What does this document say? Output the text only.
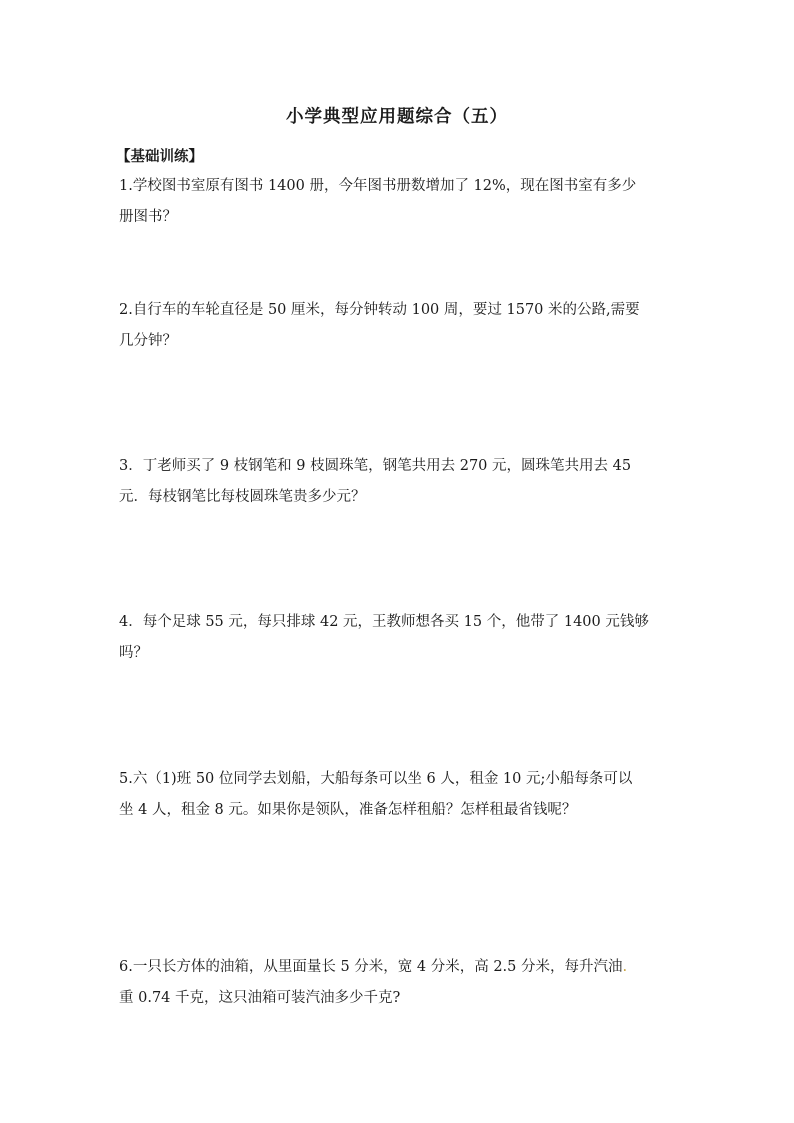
小学典型应用题综合（五）
【基础训练】
1.学校图书室原有图书 1400 册，今年图书册数增加了 12%，现在图书室有多少
册图书？
2.自行车的车轮直径是 50 厘米，每分钟转动 100 周，要过 1570 米的公路,需要
几分钟？
3．丁老师买了 9 枝钢笔和 9 枝圆珠笔，钢笔共用去 270 元，圆珠笔共用去 45
元．每枝钢笔比每枝圆珠笔贵多少元？
4．每个足球 55 元，每只排球 42 元，王教师想各买 15 个，他带了 1400 元钱够
吗？
5.六（1)班 50 位同学去划船，大船每条可以坐 6 人，租金 10 元;小船每条可以
坐 4 人，租金 8 元。如果你是领队，准备怎样租船？怎样租最省钱呢？
6.一只长方体的油箱，从里面量长 5 分米，宽 4 分米，高 2.5 分米，每升汽油.
重 0.74 千克，这只油箱可装汽油多少千克?
